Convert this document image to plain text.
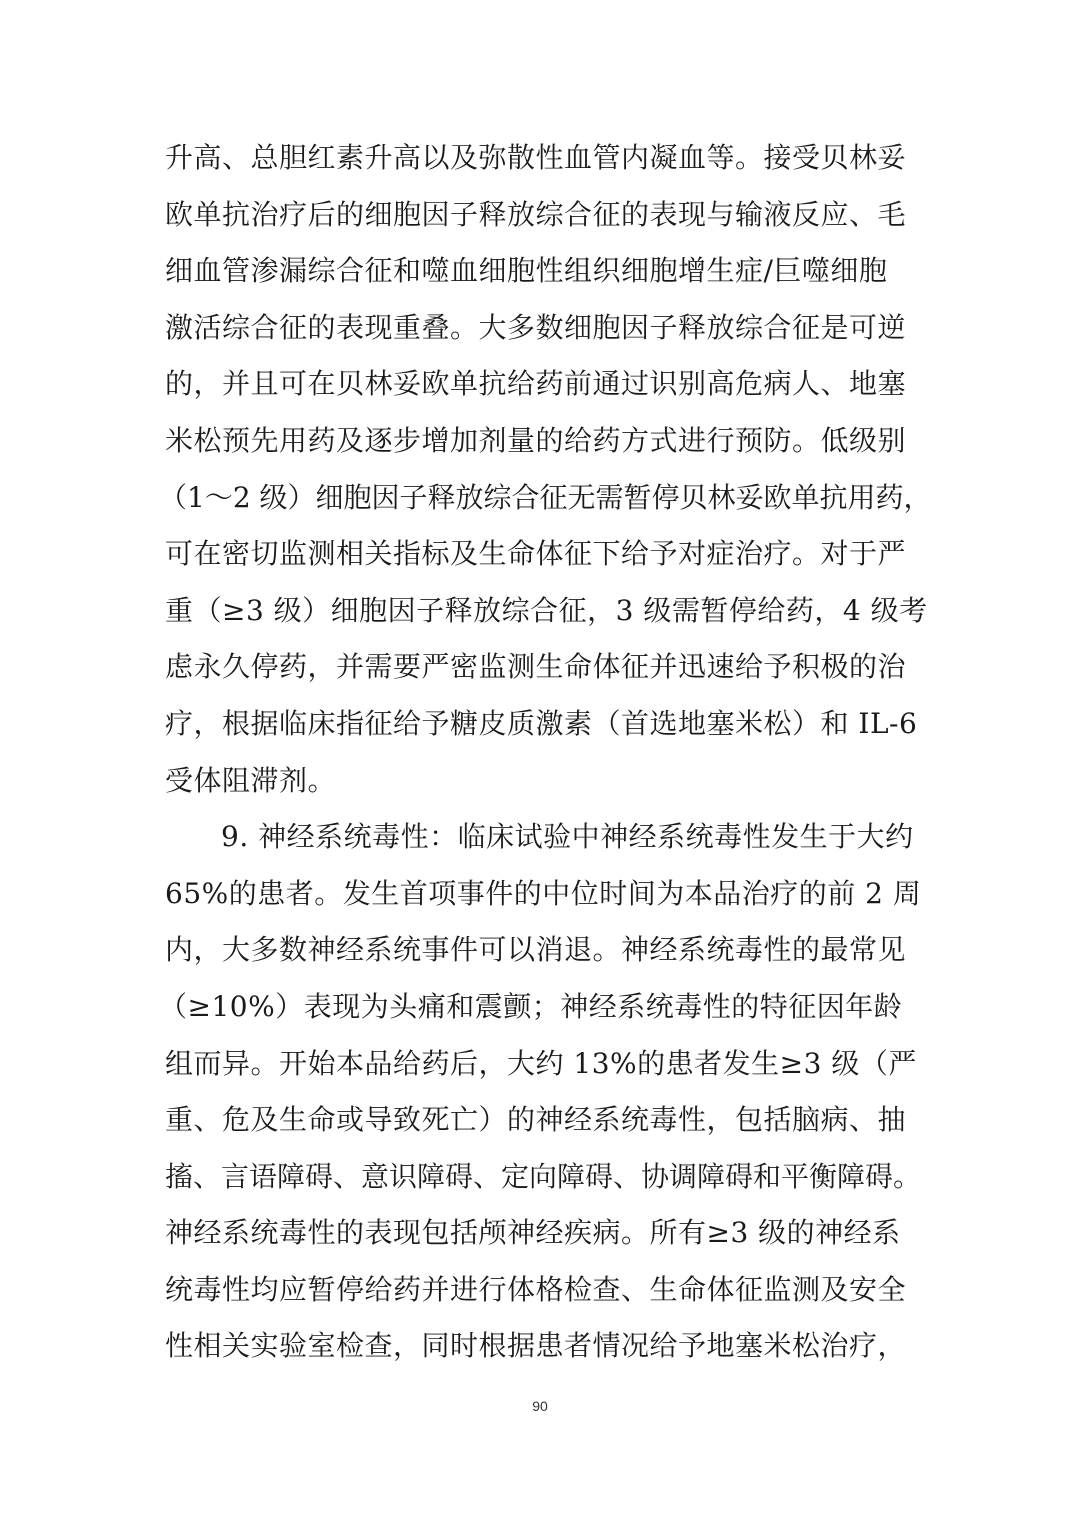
升高、总胆红素升高以及弥散性血管内凝血等。接受贝林妥
欧单抗治疗后的细胞因子释放综合征的表现与输液反应、毛
细血管渗漏综合征和噬血细胞性组织细胞增生症/巨噬细胞
激活综合征的表现重叠。大多数细胞因子释放综合征是可逆
的，并且可在贝林妥欧单抗给药前通过识别高危病人、地塞
米松预先用药及逐步增加剂量的给药方式进行预防。低级别
（1～2 级）细胞因子释放综合征无需暂停贝林妥欧单抗用药，
可在密切监测相关指标及生命体征下给予对症治疗。对于严
重（≥3 级）细胞因子释放综合征，3 级需暂停给药，4 级考
虑永久停药，并需要严密监测生命体征并迅速给予积极的治
疗，根据临床指征给予糖皮质激素（首选地塞米松）和 IL-6
受体阻滞剂。
9. 神经系统毒性：临床试验中神经系统毒性发生于大约
65%的患者。发生首项事件的中位时间为本品治疗的前 2 周
内，大多数神经系统事件可以消退。神经系统毒性的最常见
（≥10%）表现为头痛和震颤；神经系统毒性的特征因年龄
组而异。开始本品给药后，大约 13%的患者发生≥3 级（严
重、危及生命或导致死亡）的神经系统毒性，包括脑病、抽
搐、言语障碍、意识障碍、定向障碍、协调障碍和平衡障碍。
神经系统毒性的表现包括颅神经疾病。所有≥3 级的神经系
统毒性均应暂停给药并进行体格检查、生命体征监测及安全
性相关实验室检查，同时根据患者情况给予地塞米松治疗，
90
